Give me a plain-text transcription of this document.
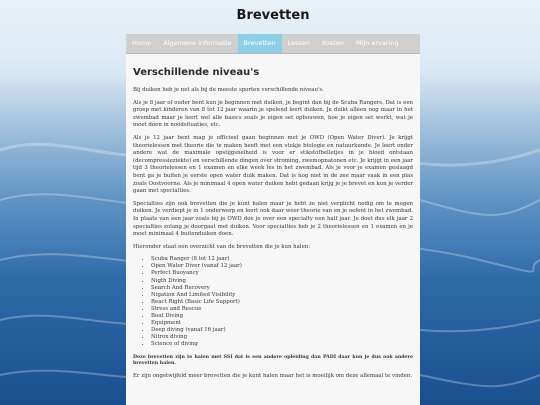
Brevetten
Home	Algemene informatie	Brevetten	Lessen	Kosten	Mijn ervaring
Verschillende niveau's

Bij duiken heb je net als bij de meeste sporten verschillende niveau's.

Als je 8 jaar of ouder bent kun je beginnen met duiken, je begint dan bij de Scuba Rangers. Dat is een groep met kinderen van 8 tot 12 jaar waarin je spelend leert duiken. Je duikt alleen nog maar in het zwembad maar je leert wel alle basics zoals je eigen set opbouwen, hoe je eigen set werkt, wat je moet doen in noodsituaties, etc.

Als je 12 jaar bent mag je officieel gaan beginnen met je OWD (Open Water Diver). Je krijgt theorielessen met theorie die te maken heeft met een stukje biologie en natuurkunde. Je leert onder andere wat de maximale opstijgsnelheid is voor er stikstofbelletjes in je bloed ontstaan (decompressieziekte) en verschillende dingen over stroming, zwemopnatonen etc. Je krijgt in een jaar tijd 3 theorielessen en 1 examen en elke week les in het zwembad. Als je voor je examen geslaagd bent ga je buiten je eerste open water duik maken. Dat is nog niet in de zee maar vaak in een plas zoals Oostvoorne. Als je minimaal 4 open water duiken hebt gedaan krijg je je brevet en kun je verder gaan met specialties.

Specialties zijn ook brevetten die je kunt halen maar je hebt ze niet verplicht nodig om te mogen duiken. Je verdiept je in 1 onderwerp en leert ook daar weer theorie van en je oefent in het zwembad. In plaats van een jaar zoals bij je OWD doe je over een specialty een half jaar. Je doet dus elk jaar 2 specialties zolang je doorgaat met duiken. Voor specialties heb je 2 theorielessen en 1 examen en je moet minimaal 4 buitenduiken doen.

Hieronder staat een overzicht van de brevetten die je kun halen:

• Scuba Ranger (8 tot 12 jaar)
• Open Water Diver (vanaf 12 jaar)
• Perfect Buoyancy
• Nigth Diving
• Search And Recovery
• Nigation And Limited Visibility
• React Right (Basic Life Support)
• Stress and Rescue
• Boat Diving
• Equipment
• Deep diving (vanaf 16 jaar)
• Nitrox diving
• Science of diving

Deze brevetten zijn te halen met SSI dat is een andere opleiding dan PADI daar kun je dus ook andere brevetten halen.

Er zijn ongetwijfeld meer brevetten die je kunt halen maar het is moeilijk om deze allemaal te vinden.
